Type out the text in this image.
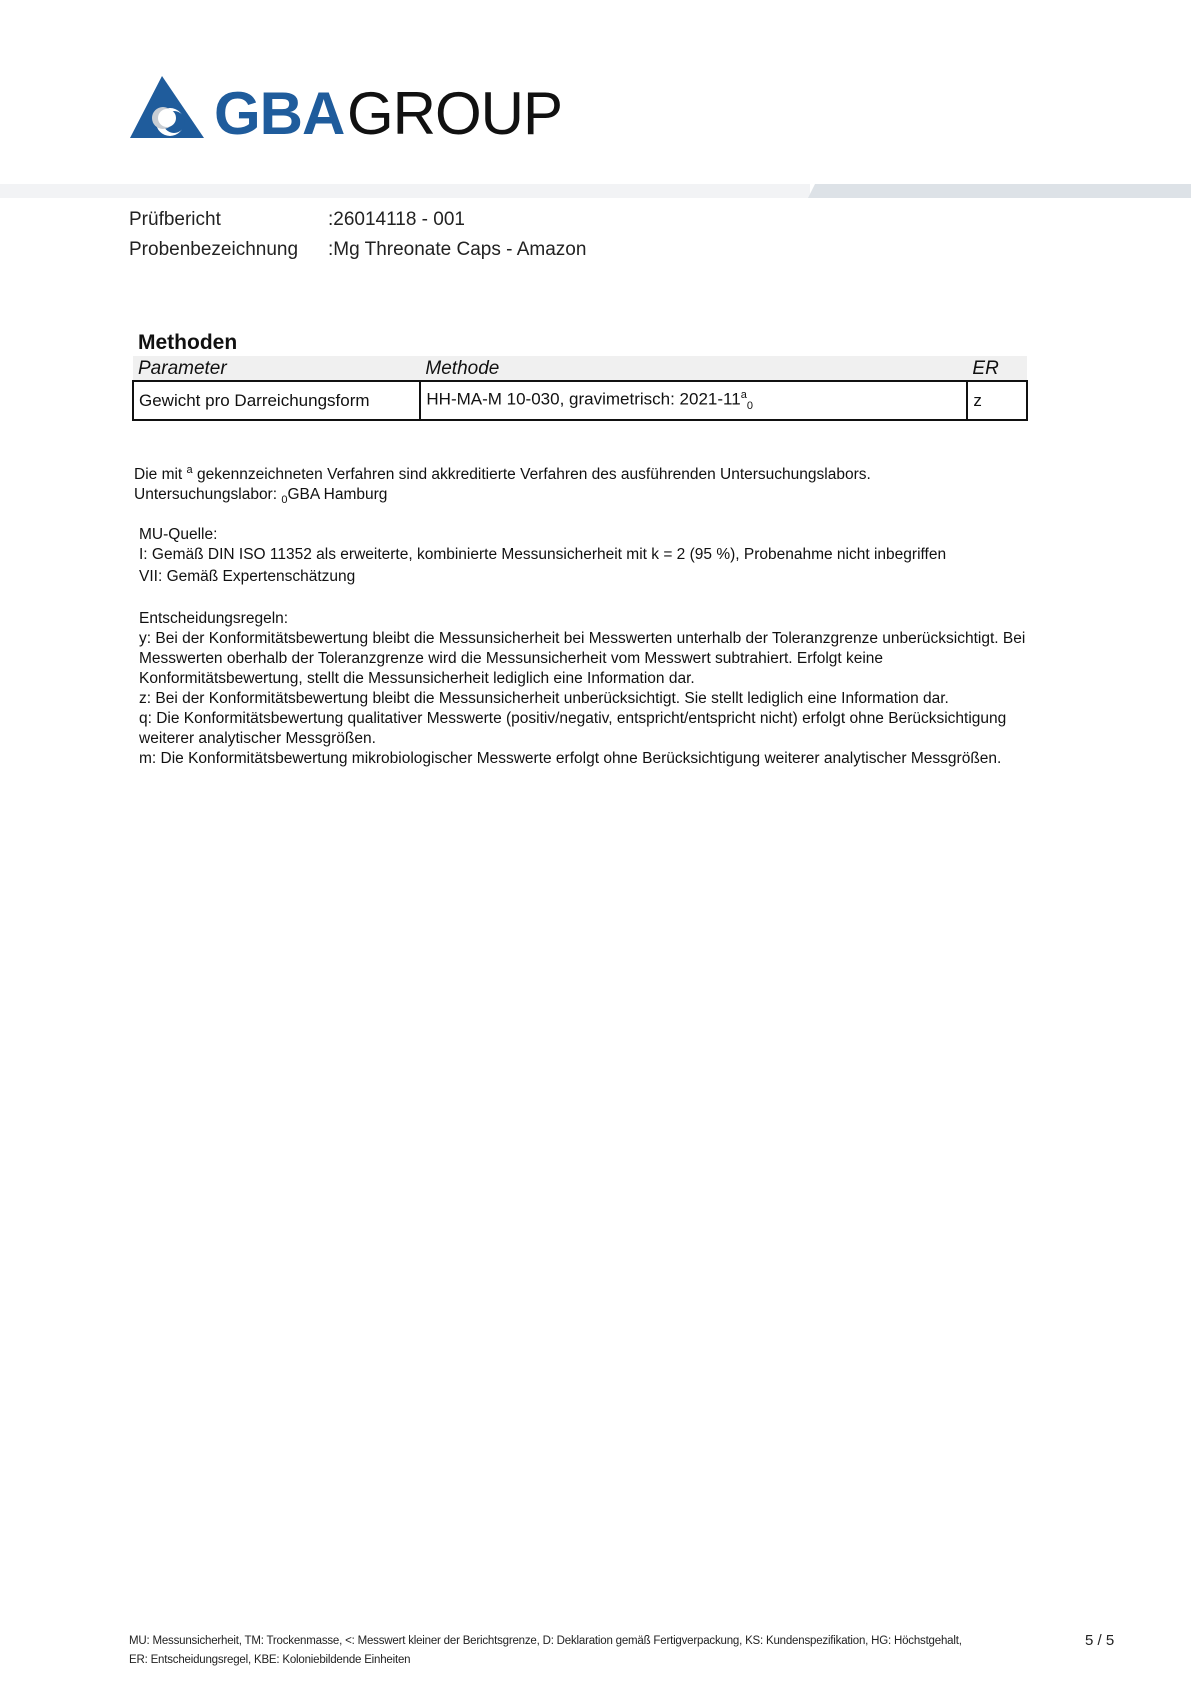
GBA GROUP
Prüfbericht	:26014118 - 001
Probenbezeichnung :Mg Threonate Caps - Amazon
Methoden
Parameter	Methode	ER
Gewicht pro Darreichungsform	HH-MA-M 10-030, gravimetrisch: $2021-11^a_0$	z
Die mit $^a$ gekennzeichneten Verfahren sind akkreditierte Verfahren des ausführenden Untersuchungslabors.
Untersuchungslabor: $_0$GBA Hamburg
MU-Quelle:
I: Gemäß DIN ISO 11352 als erweiterte, kombinierte Messunsicherheit mit k = 2 (95 %), Probenahme nicht inbegriffen
VII: Gemäß Expertenschätzung
Entscheidungsregeln:
y: Bei der Konformitätsbewertung bleibt die Messunsicherheit bei Messwerten unterhalb der Toleranzgrenze unberücksichtigt. Bei
Messwerten oberhalb der Toleranzgrenze wird die Messunsicherheit vom Messwert subtrahiert. Erfolgt keine
Konformitätsbewertung, stellt die Messunsicherheit lediglich eine Information dar.
z: Bei der Konformitätsbewertung bleibt die Messunsicherheit unberücksichtigt. Sie stellt lediglich eine Information dar.
q: Die Konformitätsbewertung qualitativer Messwerte (positiv/negativ, entspricht/entspricht nicht) erfolgt ohne Berücksichtigung
weiterer analytischer Messgrößen.
m: Die Konformitätsbewertung mikrobiologischer Messwerte erfolgt ohne Berücksichtigung weiterer analytischer Messgrößen.
MU: Messunsicherheit, TM: Trockenmasse, <: Messwert kleiner der Berichtsgrenze, D: Deklaration gemäß Fertigverpackung, KS: Kundenspezifikation, HG: Höchstgehalt,
ER: Entscheidungsregel, KBE: Koloniebildende Einheiten
5 / 5
